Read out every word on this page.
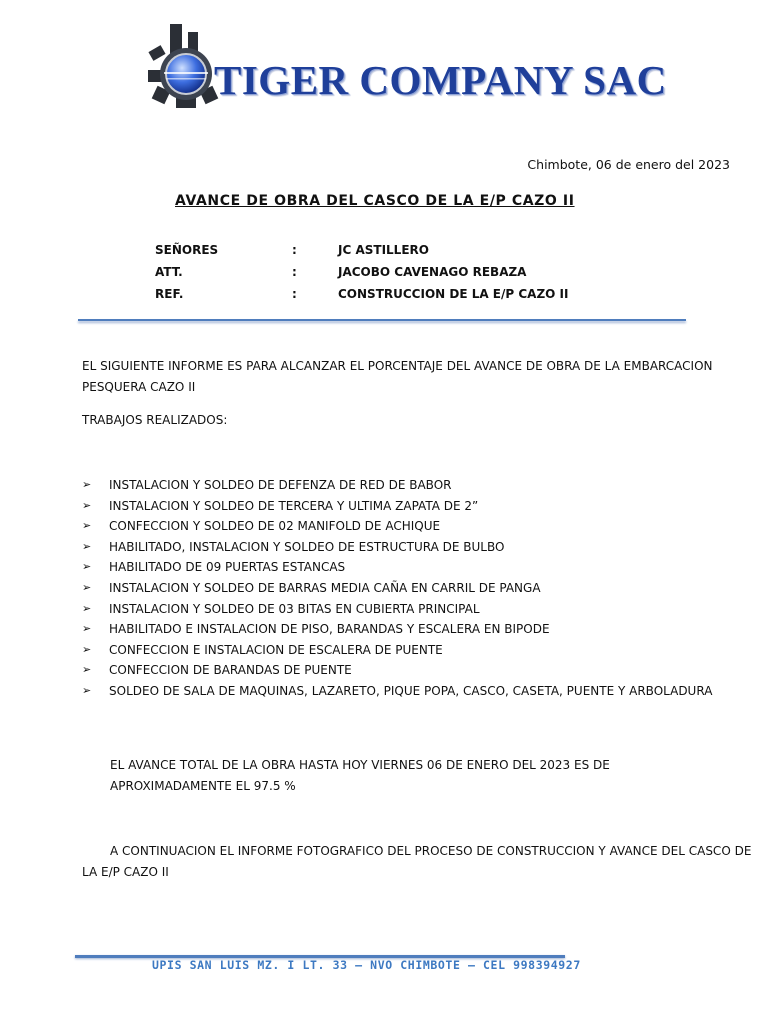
TIGER COMPANY SAC
Chimbote, 06 de enero del 2023
AVANCE DE OBRA DEL CASCO DE LA E/P CAZO II
SEÑORES	:	JC ASTILLERO
ATT.	:	JACOBO CAVENAGO REBAZA
REF.	:	CONSTRUCCION DE LA E/P CAZO II

EL SIGUIENTE INFORME ES PARA ALCANZAR EL PORCENTAJE DEL AVANCE DE OBRA DE LA EMBARCACION PESQUERA CAZO II

TRABAJOS REALIZADOS:

➢	INSTALACION Y SOLDEO DE DEFENZA DE RED DE BABOR
➢	INSTALACION Y SOLDEO DE TERCERA Y ULTIMA ZAPATA DE 2”
➢	CONFECCION Y SOLDEO DE 02 MANIFOLD DE ACHIQUE
➢	HABILITADO, INSTALACION Y SOLDEO DE ESTRUCTURA DE BULBO
➢	HABILITADO DE 09 PUERTAS ESTANCAS
➢	INSTALACION Y SOLDEO DE BARRAS MEDIA CAÑA EN CARRIL DE PANGA
➢	INSTALACION Y SOLDEO DE 03 BITAS EN CUBIERTA PRINCIPAL
➢	HABILITADO E INSTALACION DE PISO, BARANDAS Y ESCALERA EN BIPODE
➢	CONFECCION E INSTALACION DE ESCALERA DE PUENTE
➢	CONFECCION DE BARANDAS DE PUENTE
➢	SOLDEO DE SALA DE MAQUINAS, LAZARETO, PIQUE POPA, CASCO, CASETA, PUENTE Y ARBOLADURA

EL AVANCE TOTAL DE LA OBRA HASTA HOY VIERNES 06 DE ENERO DEL 2023 ES DE APROXIMADAMENTE EL 97.5 %

A CONTINUACION EL INFORME FOTOGRAFICO DEL PROCESO DE CONSTRUCCION Y AVANCE DEL CASCO DE LA E/P CAZO II

UPIS SAN LUIS MZ. I LT. 33 – NVO CHIMBOTE – CEL 998394927
